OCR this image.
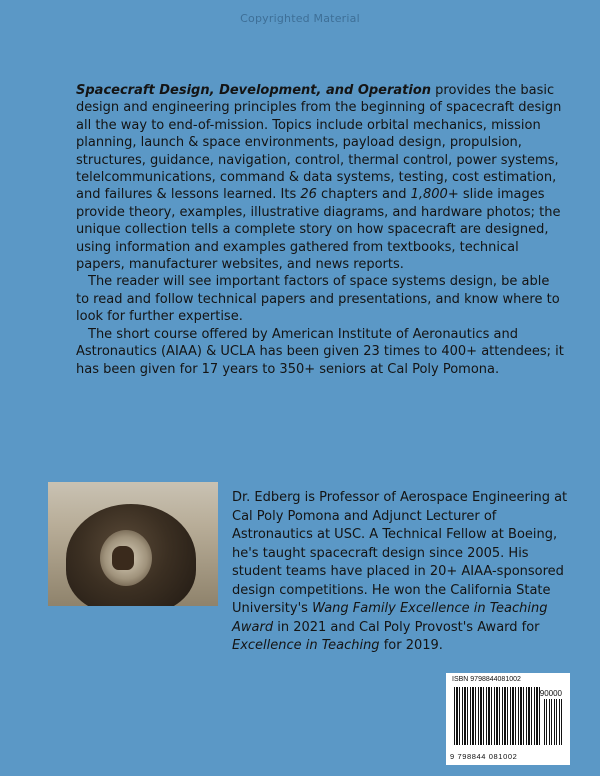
Copyrighted Material

Spacecraft Design, Development, and Operation provides the basic design and engineering principles from the beginning of spacecraft design all the way to end-of-mission. Topics include orbital mechanics, mission planning, launch & space environments, payload design, propulsion, structures, guidance, navigation, control, thermal control, power systems, telelcommunications, command & data systems, testing, cost estimation, and failures & lessons learned. Its 26 chapters and 1,800+ slide images provide theory, examples, illustrative diagrams, and hardware photos; the unique collection tells a complete story on how spacecraft are designed, using information and examples gathered from textbooks, technical papers, manufacturer websites, and news reports.

The reader will see important factors of space systems design, be able to read and follow technical papers and presentations, and know where to look for further expertise.

The short course offered by American Institute of Aeronautics and Astronautics (AIAA) & UCLA has been given 23 times to 400+ attendees; it has been given for 17 years to 350+ seniors at Cal Poly Pomona.

Dr. Edberg is Professor of Aerospace Engineering at Cal Poly Pomona and Adjunct Lecturer of Astronautics at USC. A Technical Fellow at Boeing, he's taught spacecraft design since 2005. His student teams have placed in 20+ AIAA-sponsored design competitions. He won the California State University's Wang Family Excellence in Teaching Award in 2021 and Cal Poly Provost's Award for Excellence in Teaching for 2019.
ISBN 9798844081002
90000
9 798844 081002
